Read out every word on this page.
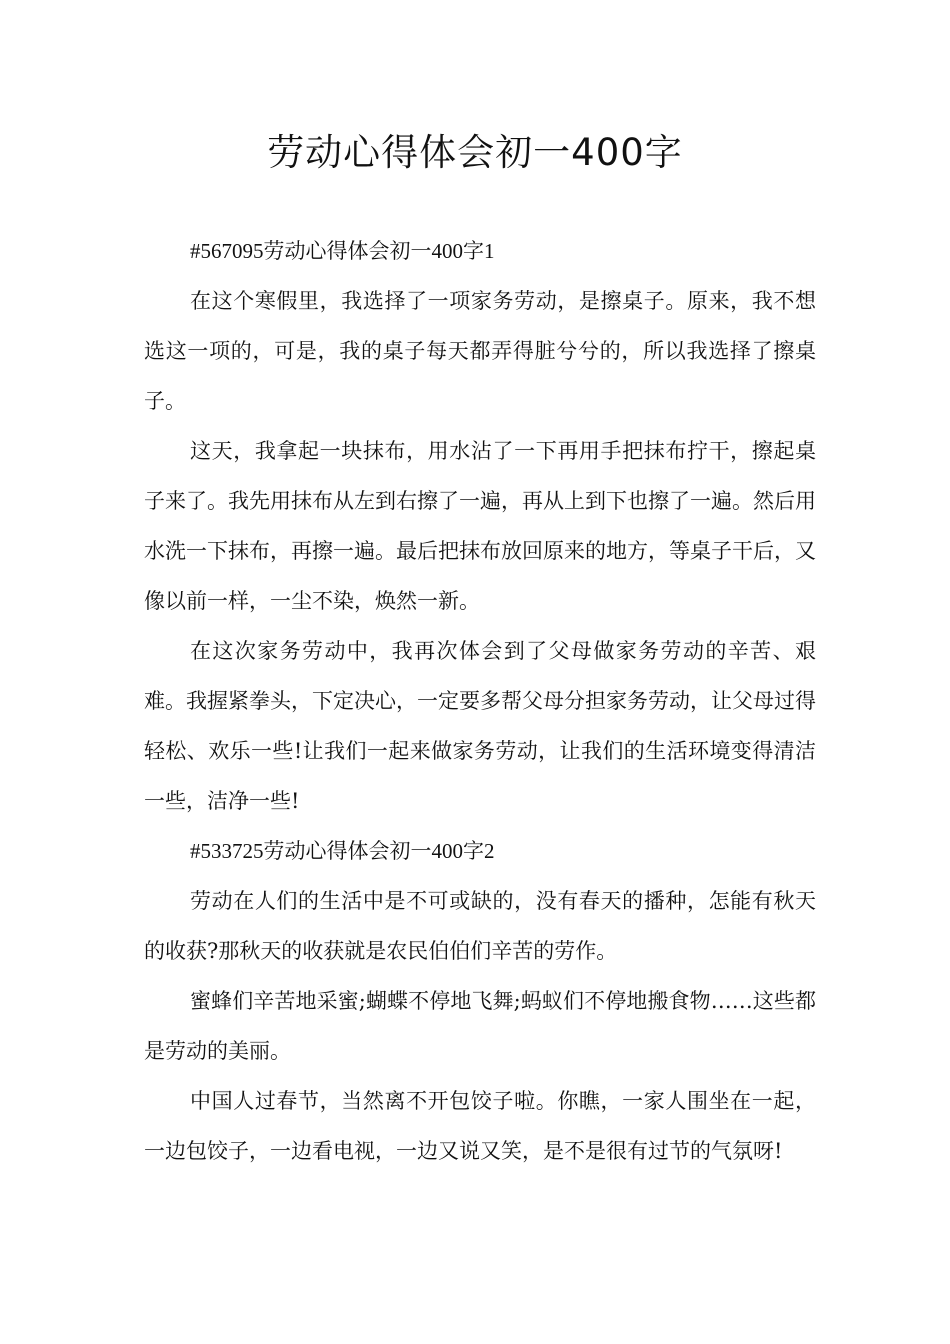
劳动心得体会初一400字

#567095劳动心得体会初一400字1

在这个寒假里，我选择了一项家务劳动，是擦桌子。原来，我不想选这一项的，可是，我的桌子每天都弄得脏兮兮的，所以我选择了擦桌子。

这天，我拿起一块抹布，用水沾了一下再用手把抹布拧干，擦起桌子来了。我先用抹布从左到右擦了一遍，再从上到下也擦了一遍。然后用水洗一下抹布，再擦一遍。最后把抹布放回原来的地方，等桌子干后，又像以前一样，一尘不染，焕然一新。

在这次家务劳动中，我再次体会到了父母做家务劳动的辛苦、艰难。我握紧拳头，下定决心，一定要多帮父母分担家务劳动，让父母过得轻松、欢乐一些!让我们一起来做家务劳动，让我们的生活环境变得清洁一些，洁净一些!

#533725劳动心得体会初一400字2

劳动在人们的生活中是不可或缺的，没有春天的播种，怎能有秋天的收获?那秋天的收获就是农民伯伯们辛苦的劳作。

蜜蜂们辛苦地采蜜;蝴蝶不停地飞舞;蚂蚁们不停地搬食物……这些都是劳动的美丽。

中国人过春节，当然离不开包饺子啦。你瞧，一家人围坐在一起，一边包饺子，一边看电视，一边又说又笑，是不是很有过节的气氛呀!
